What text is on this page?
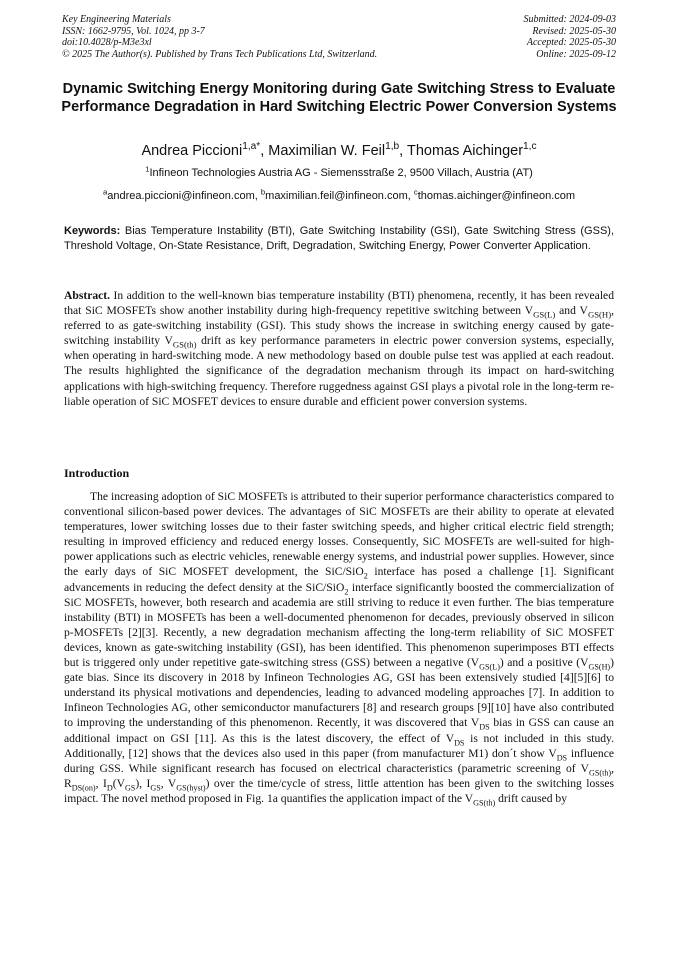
Key Engineering Materials
ISSN: 1662-9795, Vol. 1024, pp 3-7
doi:10.4028/p-M3e3xl
© 2025 The Author(s). Published by Trans Tech Publications Ltd, Switzerland.
Submitted: 2024-09-03
Revised: 2025-05-30
Accepted: 2025-05-30
Online: 2025-09-12
Dynamic Switching Energy Monitoring during Gate Switching Stress to Evaluate Performance Degradation in Hard Switching Electric Power Conversion Systems
Andrea Piccioni$^{1,a*}$, Maximilian W. Feil$^{1,b}$, Thomas Aichinger$^{1,c}$
$^1$Infineon Technologies Austria AG - Siemensstraße 2, 9500 Villach, Austria (AT)
$^a$andrea.piccioni@infineon.com, $^b$maximilian.feil@infineon.com, $^c$thomas.aichinger@infineon.com
Keywords: Bias Temperature Instability (BTI), Gate Switching Instability (GSI), Gate Switching Stress (GSS), Threshold Voltage, On-State Resistance, Drift, Degradation, Switching Energy, Power Converter Application.
Abstract. In addition to the well-known bias temperature instability (BTI) phenomena, recently, it has been revealed that SiC MOSFETs show another instability during high-frequency repetitive switching between $V_{GS(L)}$ and $V_{GS(H)}$, referred to as gate-switching instability (GSI). This study shows the increase in switching energy caused by gate-switching instability $V_{GS(th)}$ drift as key performance parameters in electric power conversion systems, especially, when operating in hard-switching mode. A new methodology based on double pulse test was applied at each readout. The results highlighted the significance of the degradation mechanism through its impact on hard-switching applications with high-switching frequency. Therefore ruggedness against GSI plays a pivotal role in the long-term re- liable operation of SiC MOSFET devices to ensure durable and efficient power conversion systems.
Introduction
The increasing adoption of SiC MOSFETs is attributed to their superior performance characteristics compared to conventional silicon-based power devices. The advantages of SiC MOSFETs are their ability to operate at elevated temperatures, lower switching losses due to their faster switching speeds, and higher critical electric field strength; resulting in improved efficiency and reduced energy losses. Consequently, SiC MOSFETs are well-suited for high-power applications such as electric vehicles, renewable energy systems, and industrial power supplies. However, since the early days of SiC MOSFET development, the SiC/SiO$_2$ interface has posed a challenge [1]. Significant advancements in reducing the defect density at the SiC/SiO$_2$ interface significantly boosted the commercialization of SiC MOSFETs, however, both research and academia are still striving to reduce it even further. The bias temperature instability (BTI) in MOSFETs has been a well-documented phenomenon for decades, previously observed in silicon p-MOSFETs [2][3]. Recently, a new degradation mechanism affecting the long-term reliability of SiC MOSFET devices, known as gate-switching instability (GSI), has been identified. This phenomenon superimposes BTI effects but is triggered only under repetitive gate-switching stress (GSS) between a negative $(V_{GS(L)})$ and a positive $(V_{GS(H)})$ gate bias. Since its discovery in 2018 by Infineon Technologies AG, GSI has been extensively studied [4][5][6] to understand its physical motivations and dependencies, leading to advanced modeling approaches [7]. In addition to Infineon Technologies AG, other semiconductor manufacturers [8] and research groups [9][10] have also contributed to improving the understanding of this phenomenon. Recently, it was discovered that $V_{DS}$ bias in GSS can cause an additional impact on GSI [11]. As this is the latest discovery, the effect of $V_{DS}$ is not included in this study. Additionally, [12] shows that the devices also used in this paper (from manufacturer M1) don´t show $V_{DS}$ influence during GSS. While significant research has focused on electrical characteristics (parametric screening of $V_{GS(th)}$, $R_{DS(on)}$, $I_D(V_{GS})$, $I_{GS}$, $V_{GS(hyst)}$) over the time/cycle of stress, little attention has been given to the switching losses impact. The novel method proposed in Fig. 1a quantifies the application impact of the $V_{GS(th)}$ drift caused by
